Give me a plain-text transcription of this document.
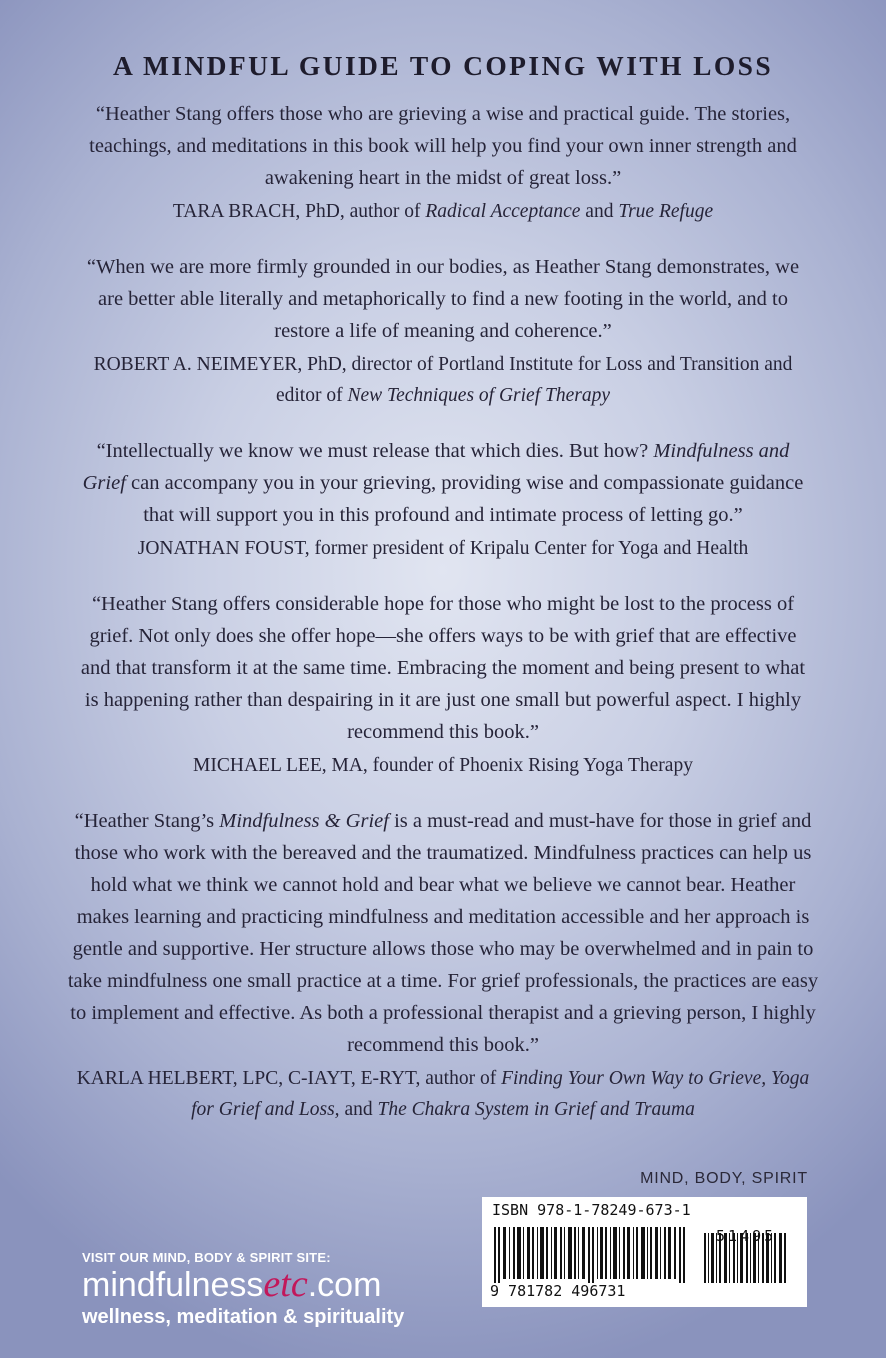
A MINDFUL GUIDE TO COPING WITH LOSS

“Heather Stang offers those who are grieving a wise and practical guide. The stories, teachings, and meditations in this book will help you find your own inner strength and awakening heart in the midst of great loss.”

TARA BRACH, PhD, author of Radical Acceptance and True Refuge

“When we are more firmly grounded in our bodies, as Heather Stang demonstrates, we are better able literally and metaphorically to find a new footing in the world, and to restore a life of meaning and coherence.”

ROBERT A. NEIMEYER, PhD, director of Portland Institute for Loss and Transition and editor of New Techniques of Grief Therapy

“Intellectually we know we must release that which dies. But how? Mindfulness and Grief can accompany you in your grieving, providing wise and compassionate guidance that will support you in this profound and intimate process of letting go.”

JONATHAN FOUST, former president of Kripalu Center for Yoga and Health

“Heather Stang offers considerable hope for those who might be lost to the process of grief. Not only does she offer hope—she offers ways to be with grief that are effective and that transform it at the same time. Embracing the moment and being present to what is happening rather than despairing in it are just one small but powerful aspect. I highly recommend this book.”

MICHAEL LEE, MA, founder of Phoenix Rising Yoga Therapy

“Heather Stang’s Mindfulness & Grief is a must-read and must-have for those in grief and those who work with the bereaved and the traumatized. Mindfulness practices can help us hold what we think we cannot hold and bear what we believe we cannot bear. Heather makes learning and practicing mindfulness and meditation accessible and her approach is gentle and supportive. Her structure allows those who may be overwhelmed and in pain to take mindfulness one small practice at a time. For grief professionals, the practices are easy to implement and effective. As both a professional therapist and a grieving person, I highly recommend this book.”

KARLA HELBERT, LPC, C-IAYT, E-RYT, author of Finding Your Own Way to Grieve, Yoga for Grief and Loss, and The Chakra System in Grief and Trauma

MIND, BODY, SPIRIT
VISIT OUR MIND, BODY & SPIRIT SITE:
mindfulnessetc.com
wellness, meditation & spirituality
ISBN 978-1-78249-673-1
51495
9 781782 496731
